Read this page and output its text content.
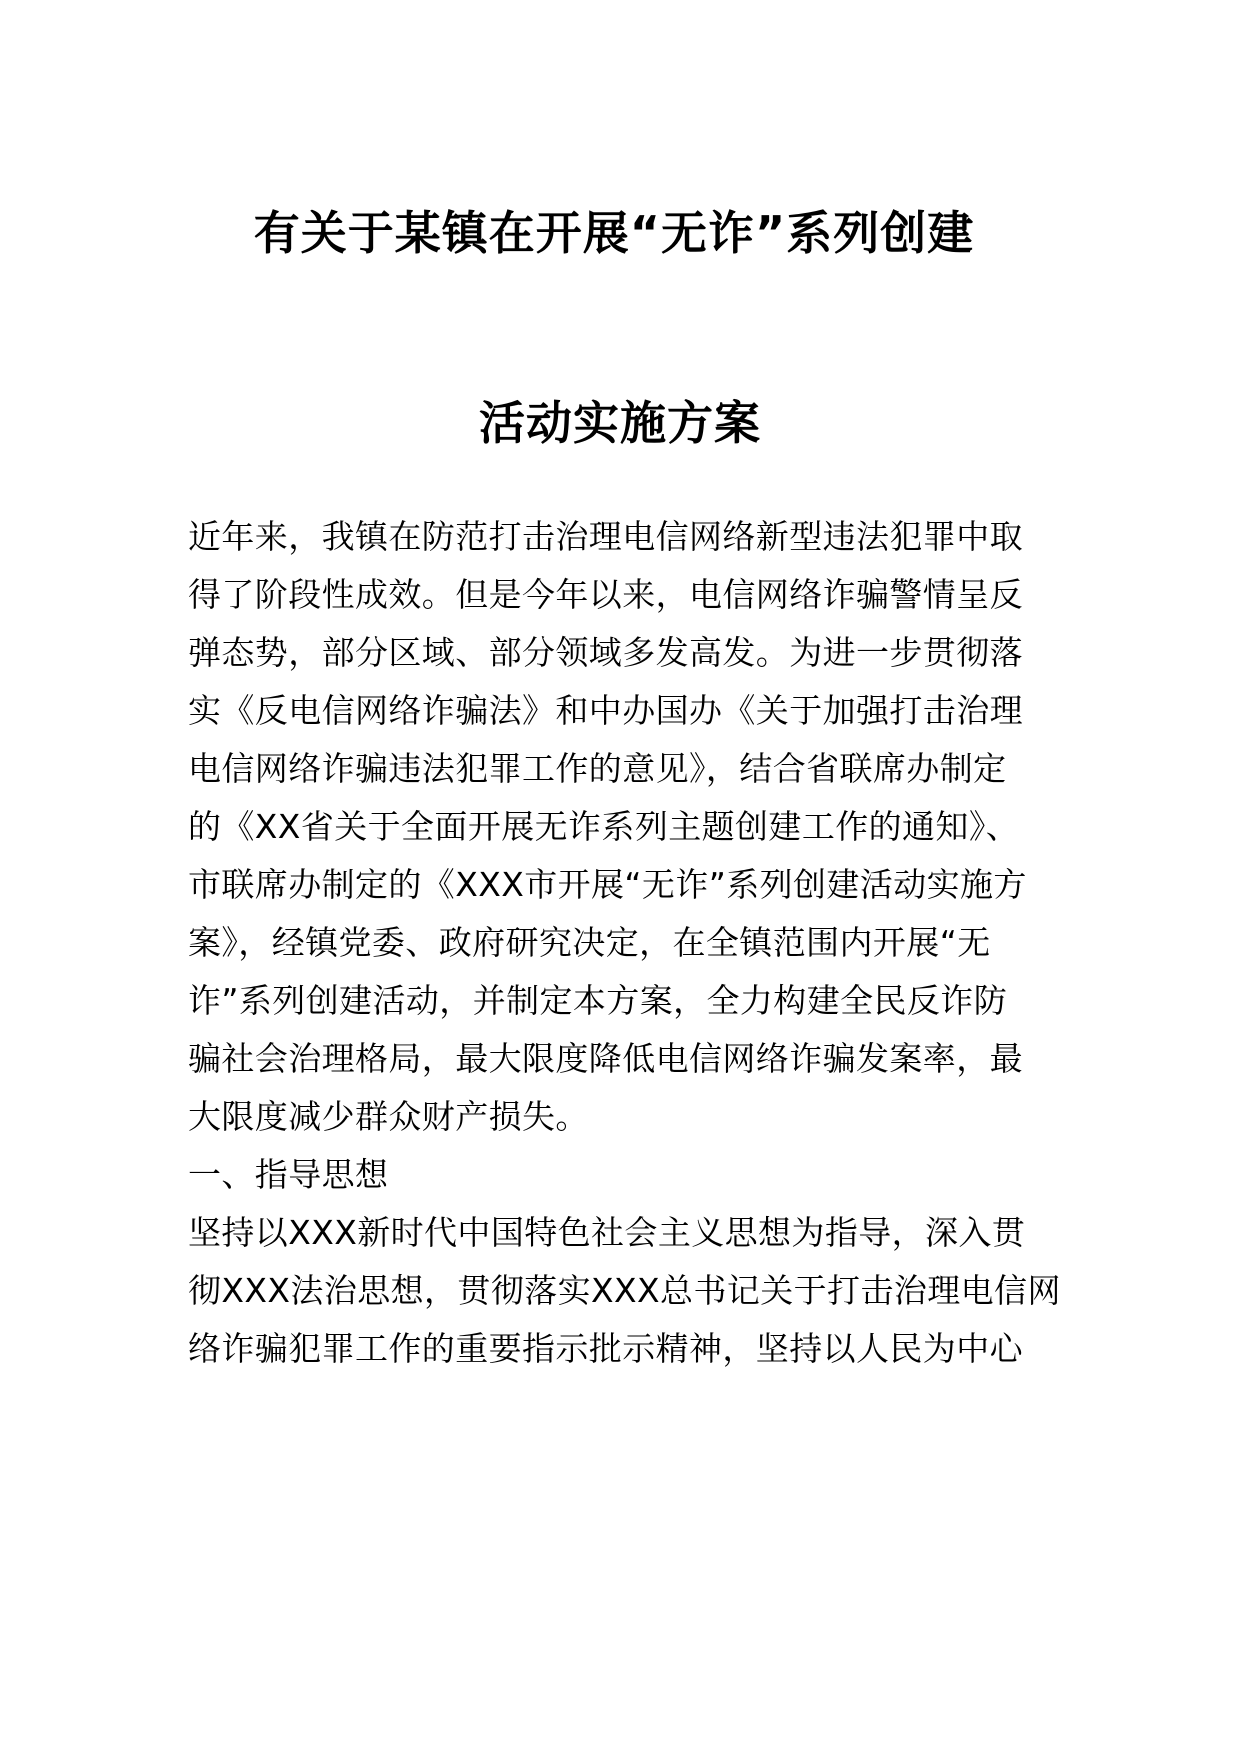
有关于某镇在开展“无诈”系列创建
活动实施方案
近年来，我镇在防范打击治理电信网络新型违法犯罪中取
得了阶段性成效。但是今年以来，电信网络诈骗警情呈反
弹态势，部分区域、部分领域多发高发。为进一步贯彻落
实《反电信网络诈骗法》和中办国办《关于加强打击治理
电信网络诈骗违法犯罪工作的意见》，结合省联席办制定
的《XX省关于全面开展无诈系列主题创建工作的通知》、
市联席办制定的《XXX市开展“无诈”系列创建活动实施方
案》，经镇党委、政府研究决定，在全镇范围内开展“无
诈”系列创建活动，并制定本方案，全力构建全民反诈防
骗社会治理格局，最大限度降低电信网络诈骗发案率，最
大限度减少群众财产损失。
一、指导思想
坚持以XXX新时代中国特色社会主义思想为指导，深入贯
彻XXX法治思想，贯彻落实XXX总书记关于打击治理电信网
络诈骗犯罪工作的重要指示批示精神，坚持以人民为中心
